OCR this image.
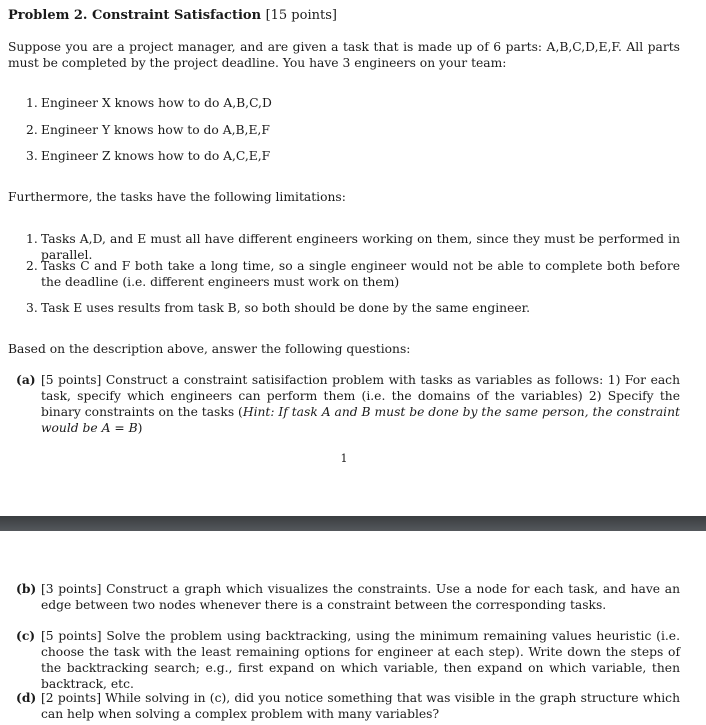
Problem 2. Constraint Satisfaction [15 points]
Suppose you are a project manager, and are given a task that is made up of 6 parts: A,B,C,D,E,F. All parts must be completed by the project deadline. You have 3 engineers on your team:
1. Engineer X knows how to do A,B,C,D
2. Engineer Y knows how to do A,B,E,F
3. Engineer Z knows how to do A,C,E,F
Furthermore, the tasks have the following limitations:
1. Tasks A,D, and E must all have different engineers working on them, since they must be performed in parallel.
2. Tasks C and F both take a long time, so a single engineer would not be able to complete both before the deadline (i.e. different engineers must work on them)
3. Task E uses results from task B, so both should be done by the same engineer.
Based on the description above, answer the following questions:
(a) [5 points] Construct a constraint satisifaction problem with tasks as variables as follows: 1) For each task, specify which engineers can perform them (i.e. the domains of the variables) 2) Specify the binary constraints on the tasks (Hint: If task A and B must be done by the same person, the constraint would be A = B)
1
(b) [3 points] Construct a graph which visualizes the constraints. Use a node for each task, and have an edge between two nodes whenever there is a constraint between the corresponding tasks.
(c) [5 points] Solve the problem using backtracking, using the minimum remaining values heuristic (i.e. choose the task with the least remaining options for engineer at each step). Write down the steps of the backtracking search; e.g., first expand on which variable, then expand on which variable, then backtrack, etc.
(d) [2 points] While solving in (c), did you notice something that was visible in the graph structure which can help when solving a complex problem with many variables?
